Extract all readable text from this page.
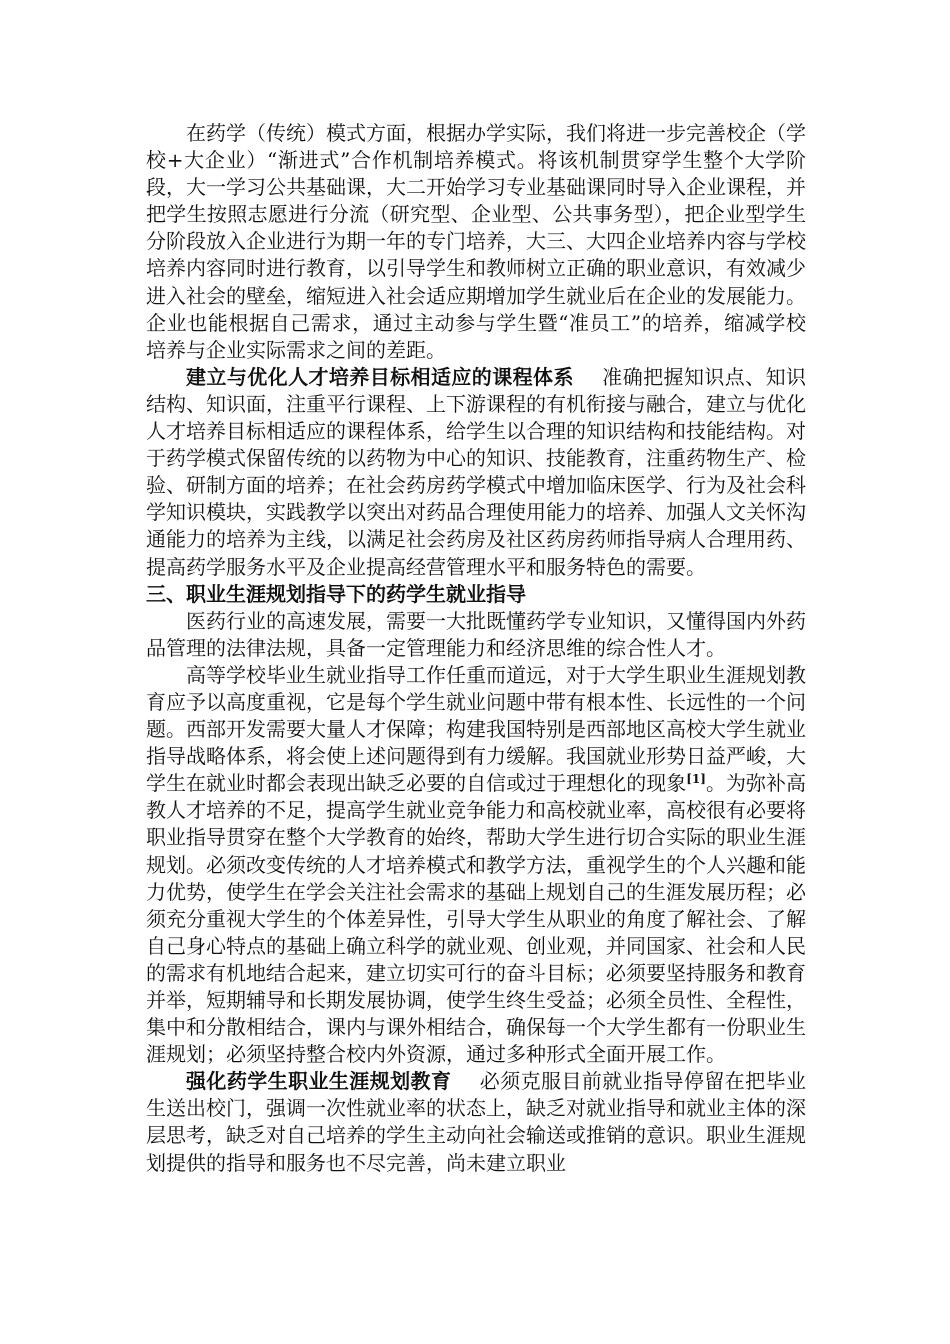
在药学（传统）模式方面，根据办学实际，我们将进一步完善校企（学校+大企业）“渐进式”合作机制培养模式。将该机制贯穿学生整个大学阶段，大一学习公共基础课，大二开始学习专业基础课同时导入企业课程，并把学生按照志愿进行分流（研究型、企业型、公共事务型），把企业型学生分阶段放入企业进行为期一年的专门培养，大三、大四企业培养内容与学校培养内容同时进行教育，以引导学生和教师树立正确的职业意识，有效减少进入社会的壁垒，缩短进入社会适应期增加学生就业后在企业的发展能力。企业也能根据自己需求，通过主动参与学生暨“准员工”的培养，缩减学校培养与企业实际需求之间的差距。

建立与优化人才培养目标相适应的课程体系 准确把握知识点、知识结构、知识面，注重平行课程、上下游课程的有机衔接与融合，建立与优化人才培养目标相适应的课程体系，给学生以合理的知识结构和技能结构。对于药学模式保留传统的以药物为中心的知识、技能教育，注重药物生产、检验、研制方面的培养；在社会药房药学模式中增加临床医学、行为及社会科学知识模块，实践教学以突出对药品合理使用能力的培养、加强人文关怀沟通能力的培养为主线，以满足社会药房及社区药房药师指导病人合理用药、提高药学服务水平及企业提高经营管理水平和服务特色的需要。

三、职业生涯规划指导下的药学生就业指导

医药行业的高速发展，需要一大批既懂药学专业知识，又懂得国内外药品管理的法律法规，具备一定管理能力和经济思维的综合性人才。

高等学校毕业生就业指导工作任重而道远，对于大学生职业生涯规划教育应予以高度重视，它是每个学生就业问题中带有根本性、长远性的一个问题。西部开发需要大量人才保障；构建我国特别是西部地区高校大学生就业指导战略体系，将会使上述问题得到有力缓解。我国就业形势日益严峻，大学生在就业时都会表现出缺乏必要的自信或过于理想化的现象[1]。为弥补高教人才培养的不足，提高学生就业竞争能力和高校就业率，高校很有必要将职业指导贯穿在整个大学教育的始终，帮助大学生进行切合实际的职业生涯规划。必须改变传统的人才培养模式和教学方法，重视学生的个人兴趣和能力优势，使学生在学会关注社会需求的基础上规划自己的生涯发展历程；必须充分重视大学生的个体差异性，引导大学生从职业的角度了解社会、了解自己身心特点的基础上确立科学的就业观、创业观，并同国家、社会和人民的需求有机地结合起来，建立切实可行的奋斗目标；必须要坚持服务和教育并举，短期辅导和长期发展协调，使学生终生受益；必须全员性、全程性，集中和分散相结合，课内与课外相结合，确保每一个大学生都有一份职业生涯规划；必须坚持整合校内外资源，通过多种形式全面开展工作。

强化药学生职业生涯规划教育 必须克服目前就业指导停留在把毕业生送出校门，强调一次性就业率的状态上，缺乏对就业指导和就业主体的深层思考，缺乏对自己培养的学生主动向社会输送或推销的意识。职业生涯规划提供的指导和服务也不尽完善，尚未建立职业
